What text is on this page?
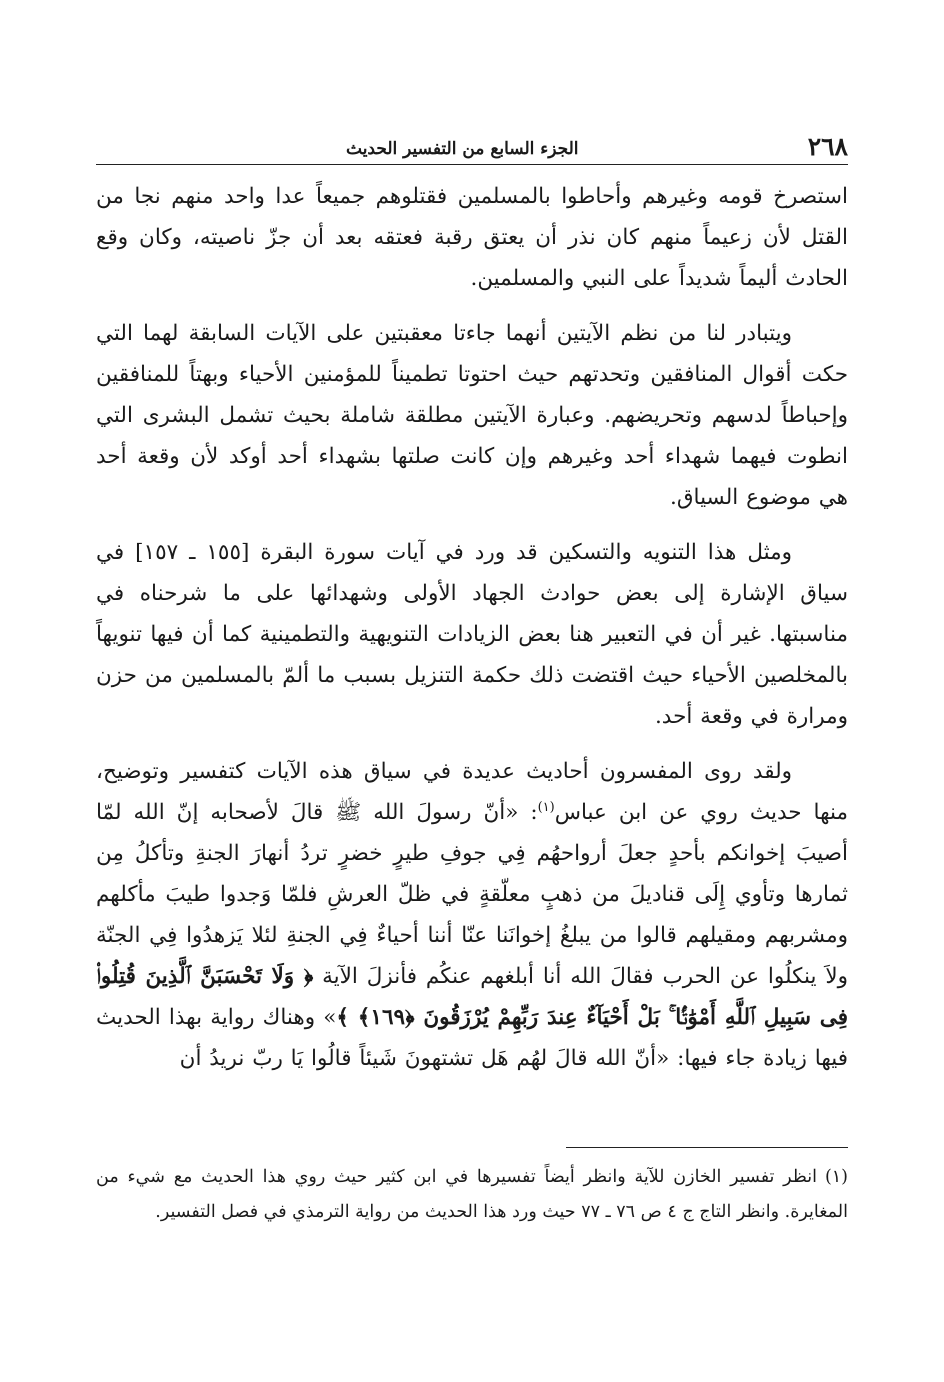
٢٦٨
الجزء السابع من التفسير الحديث

استصرخ قومه وغيرهم وأحاطوا بالمسلمين فقتلوهم جميعاً عدا واحد منهم نجا من القتل لأن زعيماً منهم كان نذر أن يعتق رقبة فعتقه بعد أن جزّ ناصيته، وكان وقع الحادث أليماً شديداً على النبي والمسلمين.

ويتبادر لنا من نظم الآيتين أنهما جاءتا معقبتين على الآيات السابقة لهما التي حكت أقوال المنافقين وتحدتهم حيث احتوتا تطميناً للمؤمنين الأحياء وبهتاً للمنافقين وإحباطاً لدسهم وتحريضهم. وعبارة الآيتين مطلقة شاملة بحيث تشمل البشرى التي انطوت فيهما شهداء أحد وغيرهم وإن كانت صلتها بشهداء أحد أوكد لأن وقعة أحد هي موضوع السياق.

ومثل هذا التنويه والتسكين قد ورد في آيات سورة البقرة [١٥٥ ـ ١٥٧] في سياق الإشارة إلى بعض حوادث الجهاد الأولى وشهدائها على ما شرحناه في مناسبتها. غير أن في التعبير هنا بعض الزيادات التنويهية والتطمينية كما أن فيها تنويهاً بالمخلصين الأحياء حيث اقتضت ذلك حكمة التنزيل بسبب ما ألمّ بالمسلمين من حزن ومرارة في وقعة أحد.

ولقد روى المفسرون أحاديث عديدة في سياق هذه الآيات كتفسير وتوضيح، منها حديث روي عن ابن عباس$^{(١)}$: «أنّ رسولَ الله ﷺ قالَ لأصحابه إنّ الله لمّا أصيبَ إخوانكم بأحدٍ جعلَ أرواحهُم فِي جوفِ طيرٍ خضرٍ تردُ أنهارَ الجنةِ وتأكلُ مِن ثمارها وتأوي إِلَى قناديلَ من ذهبٍ معلّقةٍ في ظلّ العرشِ فلمّا وَجدوا طيبَ مأكلهم ومشربهم ومقيلهم قالوا من يبلغُ إخوانَنا عنّا أننا أحياءٌ فِي الجنةِ لئلا يَزهدُوا فِي الجنّة ولاَ ينكلُوا عن الحرب فقالَ الله أنا أبلغهم عنكُم فأنزلَ الآية ﴿ وَلَا تَحْسَبَنَّ ٱلَّذِينَ قُتِلُوا۟ فِى سَبِيلِ ٱللَّهِ أَمْوَٰتًۢا ۚ بَلْ أَحْيَآءٌ عِندَ رَبِّهِمْ يُرْزَقُونَ ﴿١٦٩﴾ ﴾» وهناك رواية بهذا الحديث فيها زيادة جاء فيها: «أنّ الله قالَ لهُم هَل تشتهونَ شَيئاً قالُوا يَا ربّ نريدُ أن

(١)انظر تفسير الخازن للآية وانظر أيضاً تفسيرها في ابن كثير حيث روي هذا الحديث مع شيء من المغايرة. وانظر التاج ج ٤ ص ٧٦ ـ ٧٧ حيث ورد هذا الحديث من رواية الترمذي في فصل التفسير.
